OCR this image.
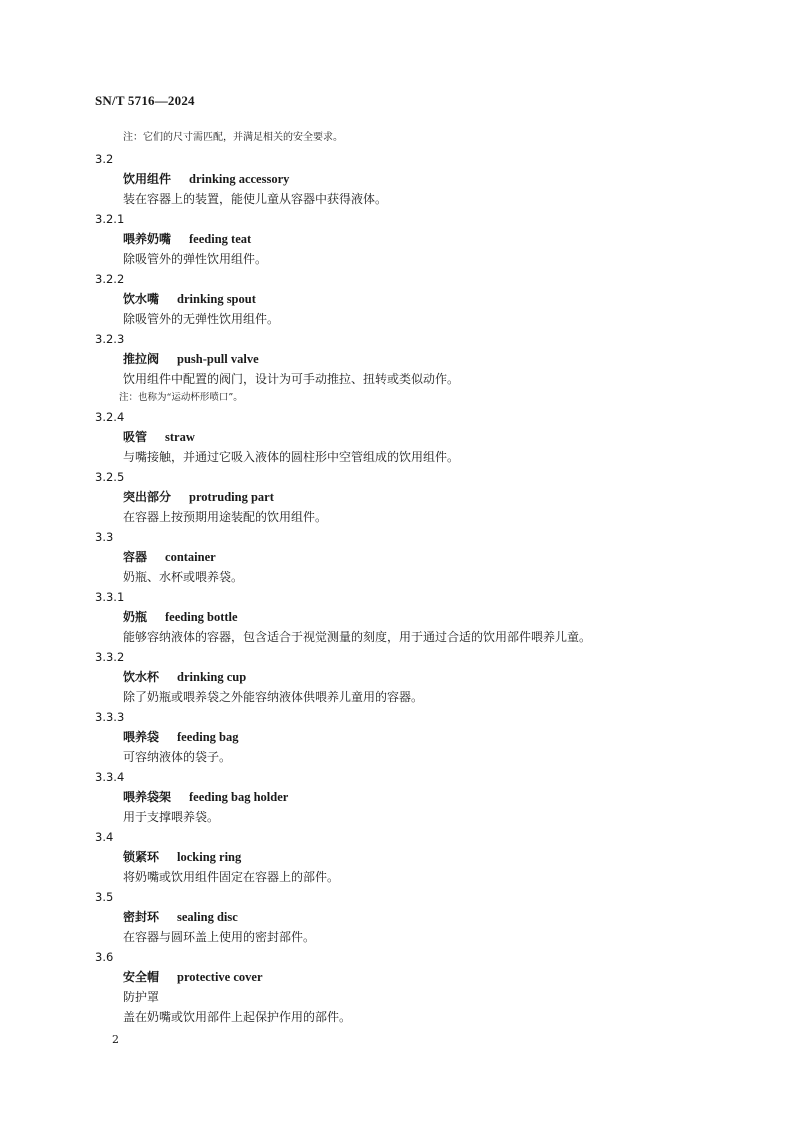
SN/T 5716—2024
注：它们的尺寸需匹配，并满足相关的安全要求。
3.2
饮用组件 drinking accessory
装在容器上的装置，能使儿童从容器中获得液体。
3.2.1
喂养奶嘴 feeding teat
除吸管外的弹性饮用组件。
3.2.2
饮水嘴 drinking spout
除吸管外的无弹性饮用组件。
3.2.3
推拉阀 push-pull valve
饮用组件中配置的阀门，设计为可手动推拉、扭转或类似动作。
注：也称为“运动杯形喷口”。
3.2.4
吸管 straw
与嘴接触，并通过它吸入液体的圆柱形中空管组成的饮用组件。
3.2.5
突出部分 protruding part
在容器上按预期用途装配的饮用组件。
3.3
容器 container
奶瓶、水杯或喂养袋。
3.3.1
奶瓶 feeding bottle
能够容纳液体的容器，包含适合于视觉测量的刻度，用于通过合适的饮用部件喂养儿童。
3.3.2
饮水杯 drinking cup
除了奶瓶或喂养袋之外能容纳液体供喂养儿童用的容器。
3.3.3
喂养袋 feeding bag
可容纳液体的袋子。
3.3.4
喂养袋架 feeding bag holder
用于支撑喂养袋。
3.4
锁紧环 locking ring
将奶嘴或饮用组件固定在容器上的部件。
3.5
密封环 sealing disc
在容器与圆环盖上使用的密封部件。
3.6
安全帽 protective cover
防护罩
盖在奶嘴或饮用部件上起保护作用的部件。
2
